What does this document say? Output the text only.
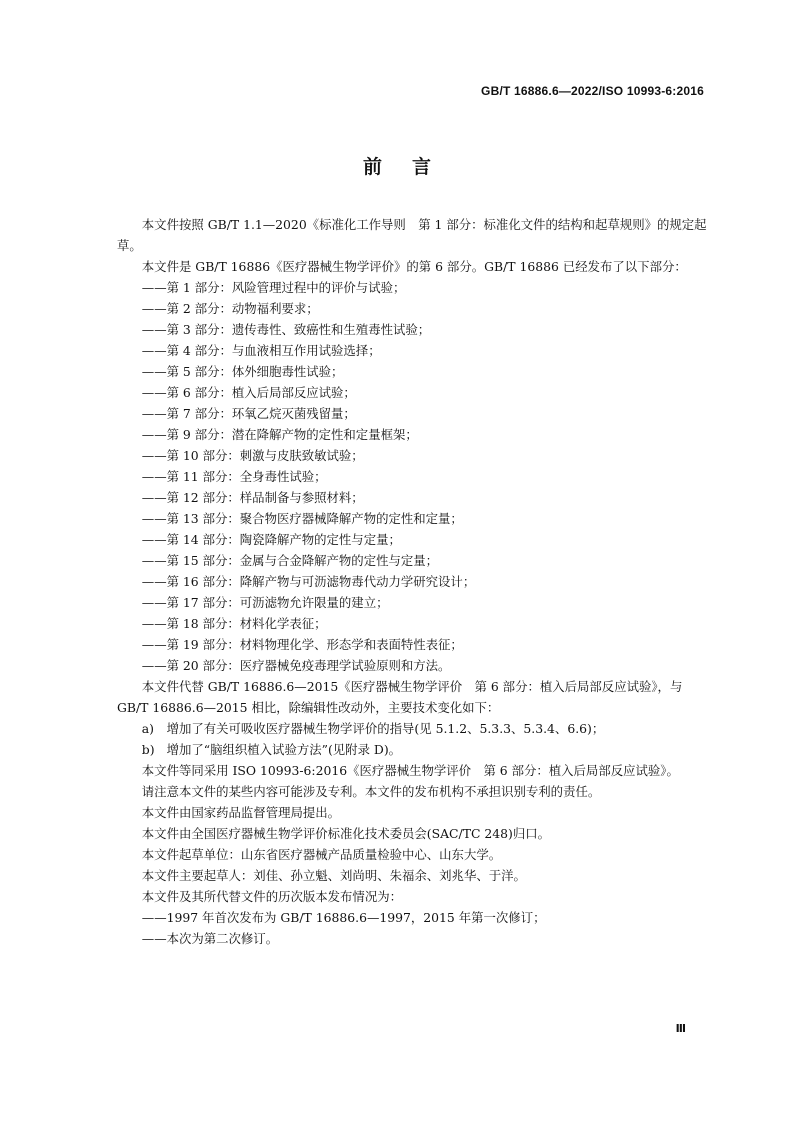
GB/T 16886.6—2022/ISO 10993-6:2016
前言

本文件按照 GB/T 1.1—2020《标准化工作导则　第 1 部分：标准化文件的结构和起草规则》的规定起草。

本文件是 GB/T 16886《医疗器械生物学评价》的第 6 部分。GB/T 16886 已经发布了以下部分：

——第 1 部分：风险管理过程中的评价与试验；

——第 2 部分：动物福利要求；

——第 3 部分：遗传毒性、致癌性和生殖毒性试验；

——第 4 部分：与血液相互作用试验选择；

——第 5 部分：体外细胞毒性试验；

——第 6 部分：植入后局部反应试验；

——第 7 部分：环氧乙烷灭菌残留量；

——第 9 部分：潜在降解产物的定性和定量框架；

——第 10 部分：刺激与皮肤致敏试验；

——第 11 部分：全身毒性试验；

——第 12 部分：样品制备与参照材料；

——第 13 部分：聚合物医疗器械降解产物的定性和定量；

——第 14 部分：陶瓷降解产物的定性与定量；

——第 15 部分：金属与合金降解产物的定性与定量；

——第 16 部分：降解产物与可沥滤物毒代动力学研究设计；

——第 17 部分：可沥滤物允许限量的建立；

——第 18 部分：材料化学表征；

——第 19 部分：材料物理化学、形态学和表面特性表征；

——第 20 部分：医疗器械免疫毒理学试验原则和方法。

本文件代替 GB/T 16886.6—2015《医疗器械生物学评价　第 6 部分：植入后局部反应试验》，与 GB/T 16886.6—2015 相比，除编辑性改动外，主要技术变化如下：

a) 增加了有关可吸收医疗器械生物学评价的指导(见 5.1.2、5.3.3、5.3.4、6.6)；

b) 增加了“脑组织植入试验方法”(见附录 D)。

本文件等同采用 ISO 10993-6:2016《医疗器械生物学评价　第 6 部分：植入后局部反应试验》。

请注意本文件的某些内容可能涉及专利。本文件的发布机构不承担识别专利的责任。

本文件由国家药品监督管理局提出。

本文件由全国医疗器械生物学评价标准化技术委员会(SAC/TC 248)归口。

本文件起草单位：山东省医疗器械产品质量检验中心、山东大学。

本文件主要起草人：刘佳、孙立魁、刘尚明、朱福余、刘兆华、于洋。

本文件及其所代替文件的历次版本发布情况为：

——1997 年首次发布为 GB/T 16886.6—1997，2015 年第一次修订；

——本次为第二次修订。

Ⅲ
